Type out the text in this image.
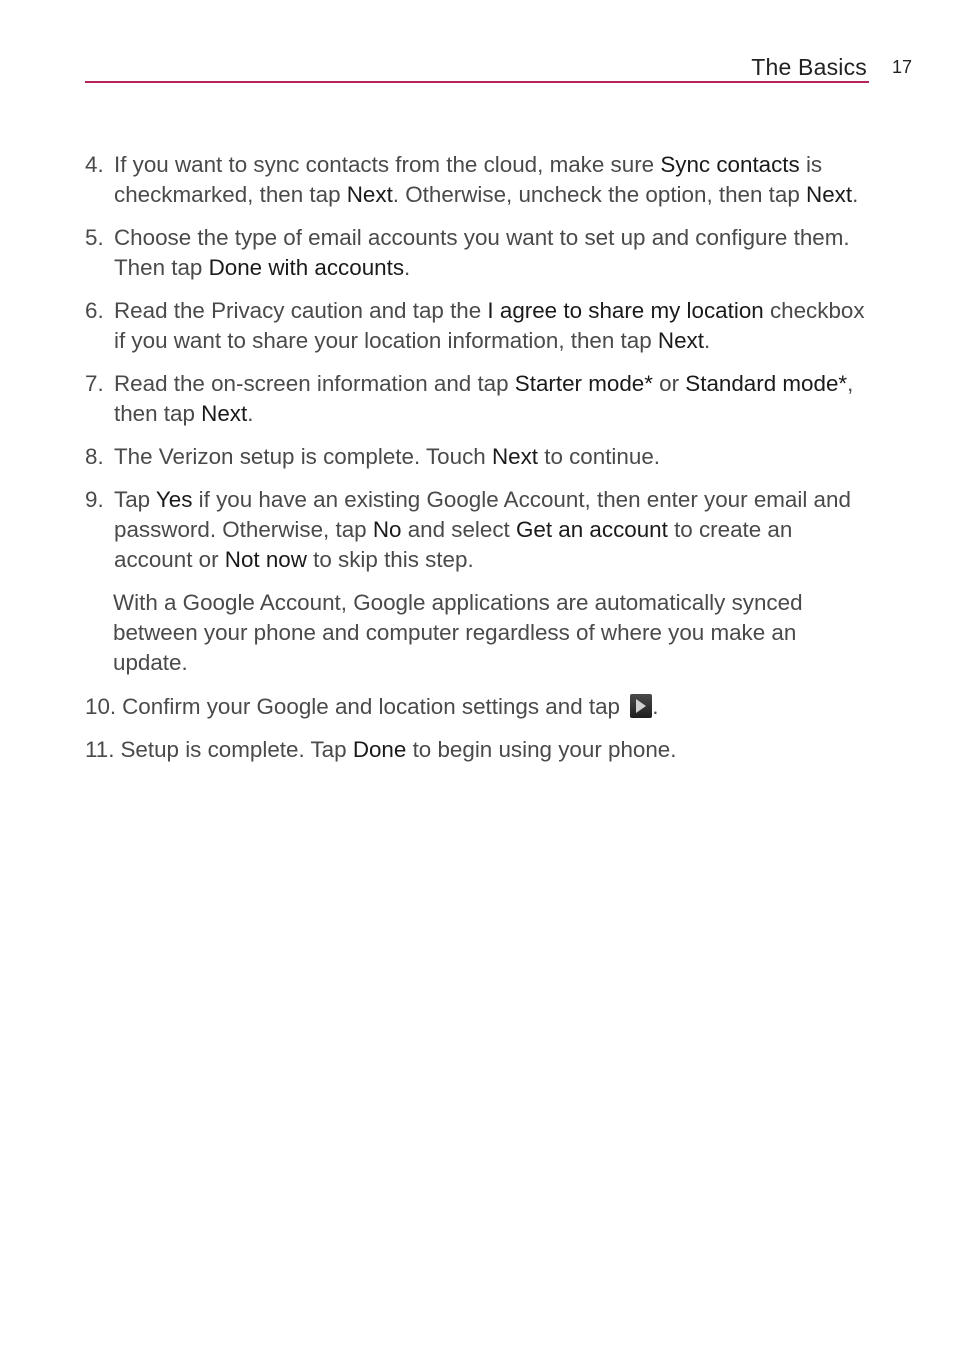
The Basics 17
4. If you want to sync contacts from the cloud, make sure Sync contacts is checkmarked, then tap Next. Otherwise, uncheck the option, then tap Next.
5. Choose the type of email accounts you want to set up and configure them. Then tap Done with accounts.
6. Read the Privacy caution and tap the I agree to share my location checkbox if you want to share your location information, then tap Next.
7. Read the on-screen information and tap Starter mode* or Standard mode*, then tap Next.
8. The Verizon setup is complete. Touch Next to continue.
9. Tap Yes if you have an existing Google Account, then enter your email and password. Otherwise, tap No and select Get an account to create an account or Not now to skip this step.
With a Google Account, Google applications are automatically synced between your phone and computer regardless of where you make an update.
10. Confirm your Google and location settings and tap
.
11. Setup is complete. Tap Done to begin using your phone.
